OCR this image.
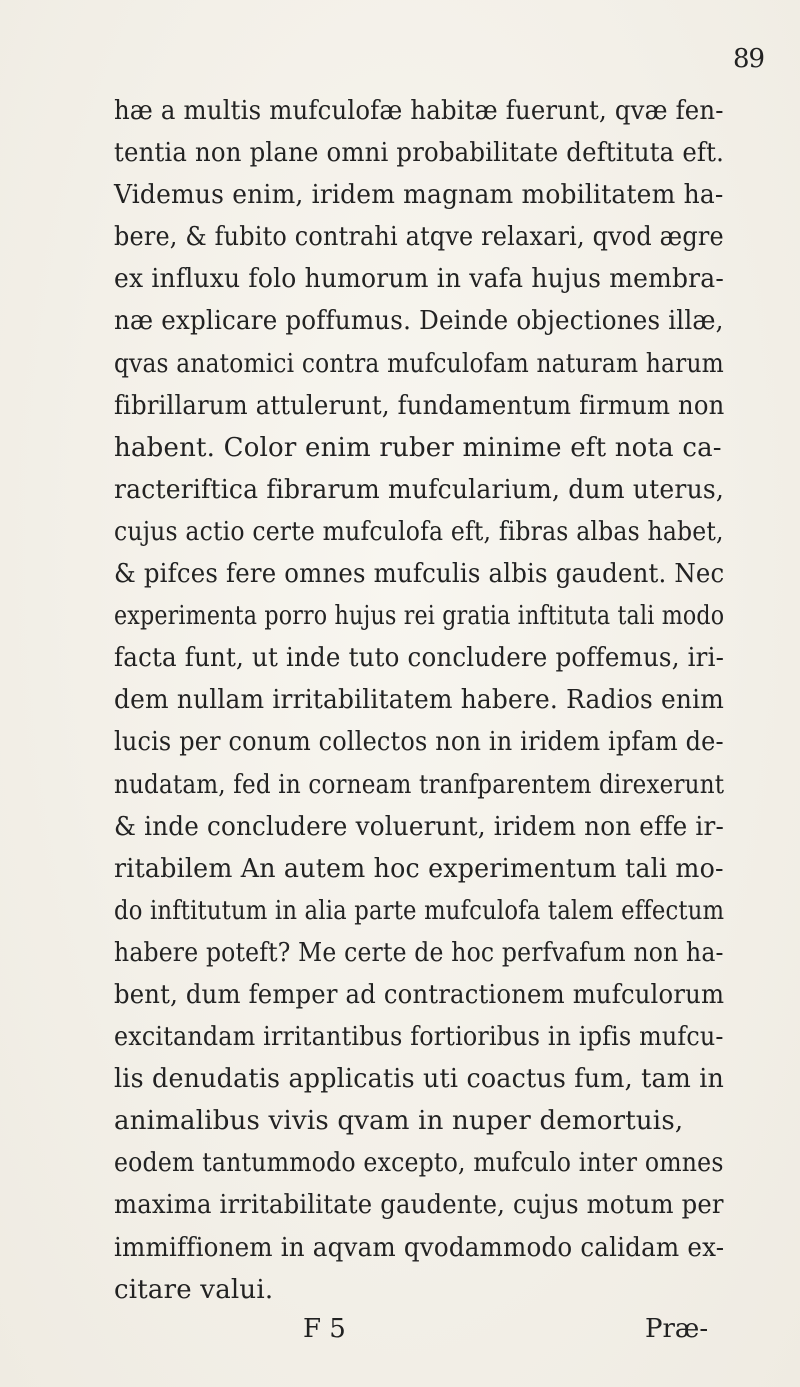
89
hæ a multis mufculofæ habitæ fuerunt, qvæ fen-
tentia non plane omni probabilitate deftituta eft.
Videmus enim, iridem magnam mobilitatem ha-
bere, & fubito contrahi atqve relaxari, qvod ægre
ex influxu folo humorum in vafa hujus membra-
næ explicare poffumus. Deinde objectiones illæ,
qvas anatomici contra mufculofam naturam harum
fibrillarum attulerunt, fundamentum firmum non
habent. Color enim ruber minime eft nota ca-
racteriftica fibrarum mufcularium, dum uterus,
cujus actio certe mufculofa eft, fibras albas habet,
& pifces fere omnes mufculis albis gaudent. Nec
experimenta porro hujus rei gratia inftituta tali modo
facta funt, ut inde tuto concludere poffemus, iri-
dem nullam irritabilitatem habere. Radios enim
lucis per conum collectos non in iridem ipfam de-
nudatam, fed in corneam tranfparentem direxerunt
& inde concludere voluerunt, iridem non effe ir-
ritabilem An autem hoc experimentum tali mo-
do inftitutum in alia parte mufculofa talem effectum
habere poteft? Me certe de hoc perfvafum non ha-
bent, dum femper ad contractionem mufculorum
excitandam irritantibus fortioribus in ipfis mufcu-
lis denudatis applicatis uti coactus fum, tam in
animalibus vivis qvam in nuper demortuis,
eodem tantummodo excepto, mufculo inter omnes
maxima irritabilitate gaudente, cujus motum per
immiffionem in aqvam qvodammodo calidam ex-
citare valui.
F 5	Præ-
